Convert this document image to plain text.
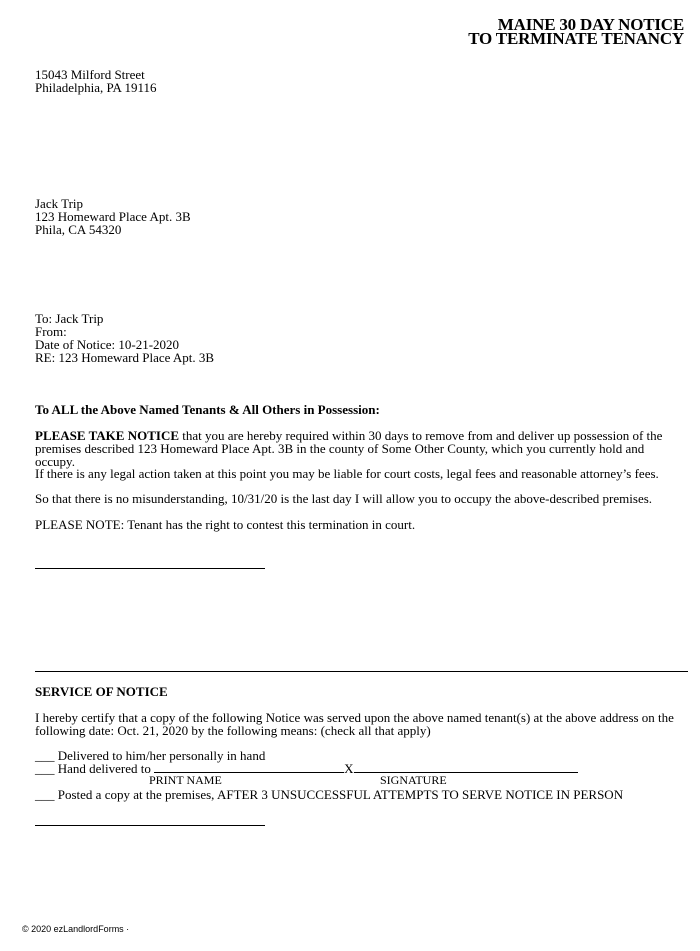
MAINE 30 DAY NOTICE
TO TERMINATE TENANCY
15043 Milford Street
Philadelphia, PA 19116
Jack Trip
123 Homeward Place Apt. 3B
Phila, CA 54320
To: Jack Trip
From:
Date of Notice: 10-21-2020
RE: 123 Homeward Place Apt. 3B
To ALL the Above Named Tenants & All Others in Possession:
PLEASE TAKE NOTICE that you are hereby required within 30 days to remove from and deliver up possession of the premises described 123 Homeward Place Apt. 3B in the county of Some Other County, which you currently hold and occupy.
If there is any legal action taken at this point you may be liable for court costs, legal fees and reasonable attorney’s fees.
So that there is no misunderstanding, 10/31/20 is the last day I will allow you to occupy the above-described premises.
PLEASE NOTE: Tenant has the right to contest this termination in court.
SERVICE OF NOTICE
I hereby certify that a copy of the following Notice was served upon the above named tenant(s) at the above address on the following date: Oct. 21, 2020 by the following means: (check all that apply)
___ Delivered to him/her personally in hand
___ Hand delivered to	X
PRINT NAME	SIGNATURE
___ Posted a copy at the premises, AFTER 3 UNSUCCESSFUL ATTEMPTS TO SERVE NOTICE IN PERSON
© 2020 ezLandlordForms ·
